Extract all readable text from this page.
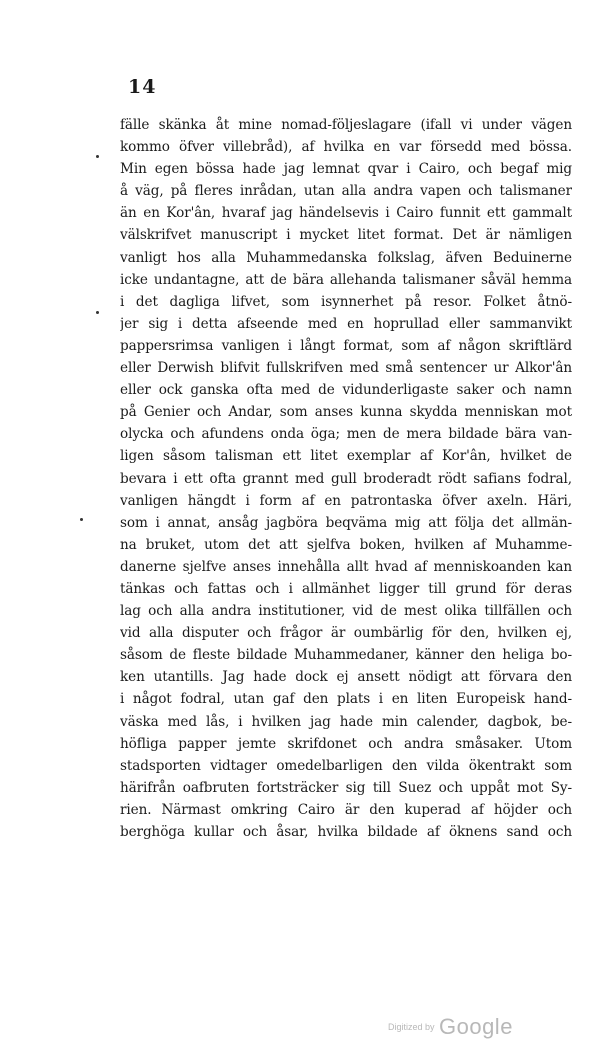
14
fälle skänka åt mine nomad-följeslagare (ifall vi under vägen
kommo öfver villebråd), af hvilka en var försedd med bössa.
Min egen bössa hade jag lemnat qvar i Cairo, och begaf mig
å väg, på fleres inrådan, utan alla andra vapen och talismaner
än en Kor'ân, hvaraf jag händelsevis i Cairo funnit ett gammalt
välskrifvet manuscript i mycket litet format. Det är nämligen
vanligt hos alla Muhammedanska folkslag, äfven Beduinerne
icke undantagne, att de bära allehanda talismaner såväl hemma
i det dagliga lifvet, som isynnerhet på resor. Folket åtnö-
jer sig i detta afseende med en hoprullad eller sammanvikt
pappersrimsa vanligen i långt format, som af någon skriftlärd
eller Derwish blifvit fullskrifven med små sentencer ur Alkor'ân
eller ock ganska ofta med de vidunderligaste saker och namn
på Genier och Andar, som anses kunna skydda menniskan mot
olycka och afundens onda öga; men de mera bildade bära van-
ligen såsom talisman ett litet exemplar af Kor'ân, hvilket de
bevara i ett ofta grannt med gull broderadt rödt safians fodral,
vanligen hängdt i form af en patrontaska öfver axeln. Häri,
som i annat, ansåg jagböra beqväma mig att följa det allmän-
na bruket, utom det att sjelfva boken, hvilken af Muhamme-
danerne sjelfve anses innehålla allt hvad af menniskoanden kan
tänkas och fattas och i allmänhet ligger till grund för deras
lag och alla andra institutioner, vid de mest olika tillfällen och
vid alla disputer och frågor är oumbärlig för den, hvilken ej,
såsom de fleste bildade Muhammedaner, känner den heliga bo-
ken utantills. Jag hade dock ej ansett nödigt att förvara den
i något fodral, utan gaf den plats i en liten Europeisk hand-
väska med lås, i hvilken jag hade min calender, dagbok, be-
höfliga papper jemte skrifdonet och andra småsaker. Utom
stadsporten vidtager omedelbarligen den vilda ökentrakt som
härifrån oafbruten fortsträcker sig till Suez och uppåt mot Sy-
rien. Närmast omkring Cairo är den kuperad af höjder och
berghöga kullar och åsar, hvilka bildade af öknens sand och
Digitized by Google
